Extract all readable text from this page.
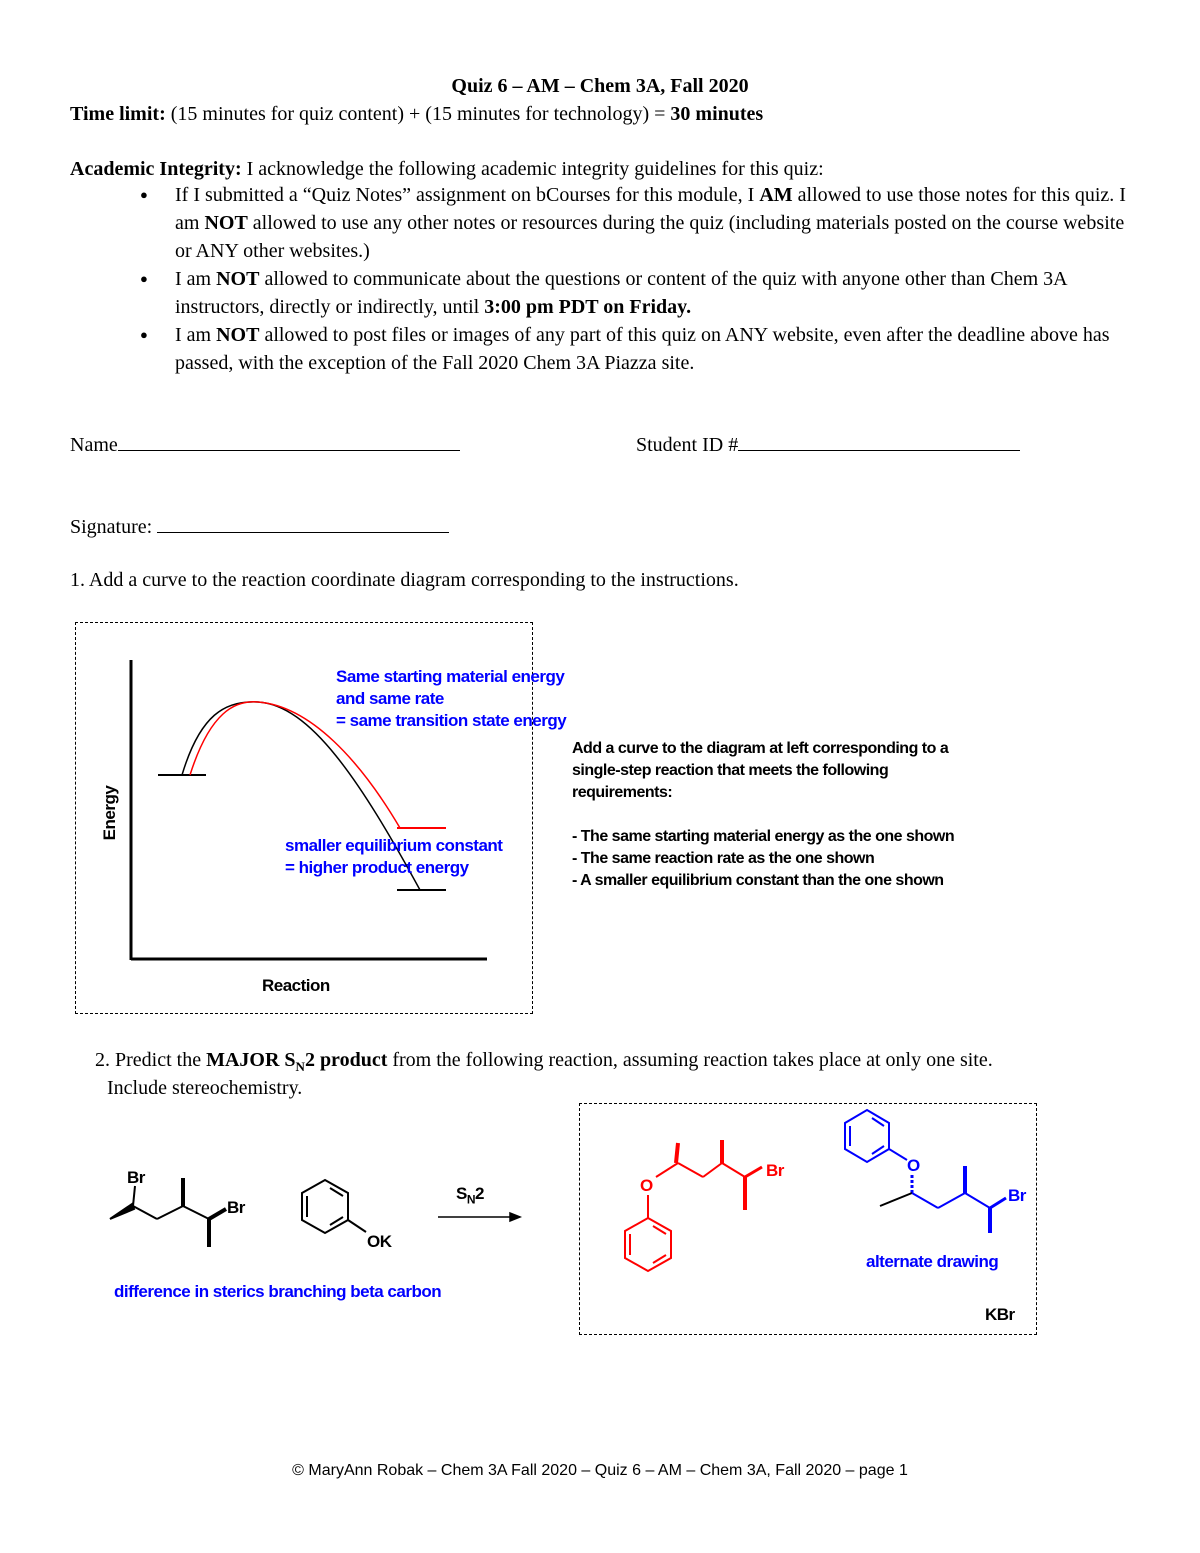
Quiz 6 – AM – Chem 3A, Fall 2020
Time limit: (15 minutes for quiz content) + (15 minutes for technology) = 30 minutes
Academic Integrity: I acknowledge the following academic integrity guidelines for this quiz:
● If I submitted a “Quiz Notes” assignment on bCourses for this module, I AM allowed to use those notes for this quiz. I am NOT allowed to use any other notes or resources during the quiz (including materials posted on the course website or ANY other websites.)
● I am NOT allowed to communicate about the questions or content of the quiz with anyone other than Chem 3A instructors, directly or indirectly, until 3:00 pm PDT on Friday.
● I am NOT allowed to post files or images of any part of this quiz on ANY website, even after the deadline above has passed, with the exception of the Fall 2020 Chem 3A Piazza site.
Name	Student ID #
Signature:
1. Add a curve to the reaction coordinate diagram corresponding to the instructions.
Energy
Reaction
Same starting material energy
and same rate
= same transition state energy
smaller equilibrium constant
= higher product energy
Add a curve to the diagram at left corresponding to a
single-step reaction that meets the following
requirements:
- The same starting material energy as the one shown
- The same reaction rate as the one shown
- A smaller equilibrium constant than the one shown
2. Predict the MAJOR $S_N2$ product from the following reaction, assuming reaction takes place at only one site.
Include stereochemistry.
Br
Br
OK
$S_N2$
difference in sterics branching beta carbon
Br
O
O
Br
alternate drawing
KBr
© MaryAnn Robak – Chem 3A Fall 2020 – Quiz 6 – AM – Chem 3A, Fall 2020 – page 1
